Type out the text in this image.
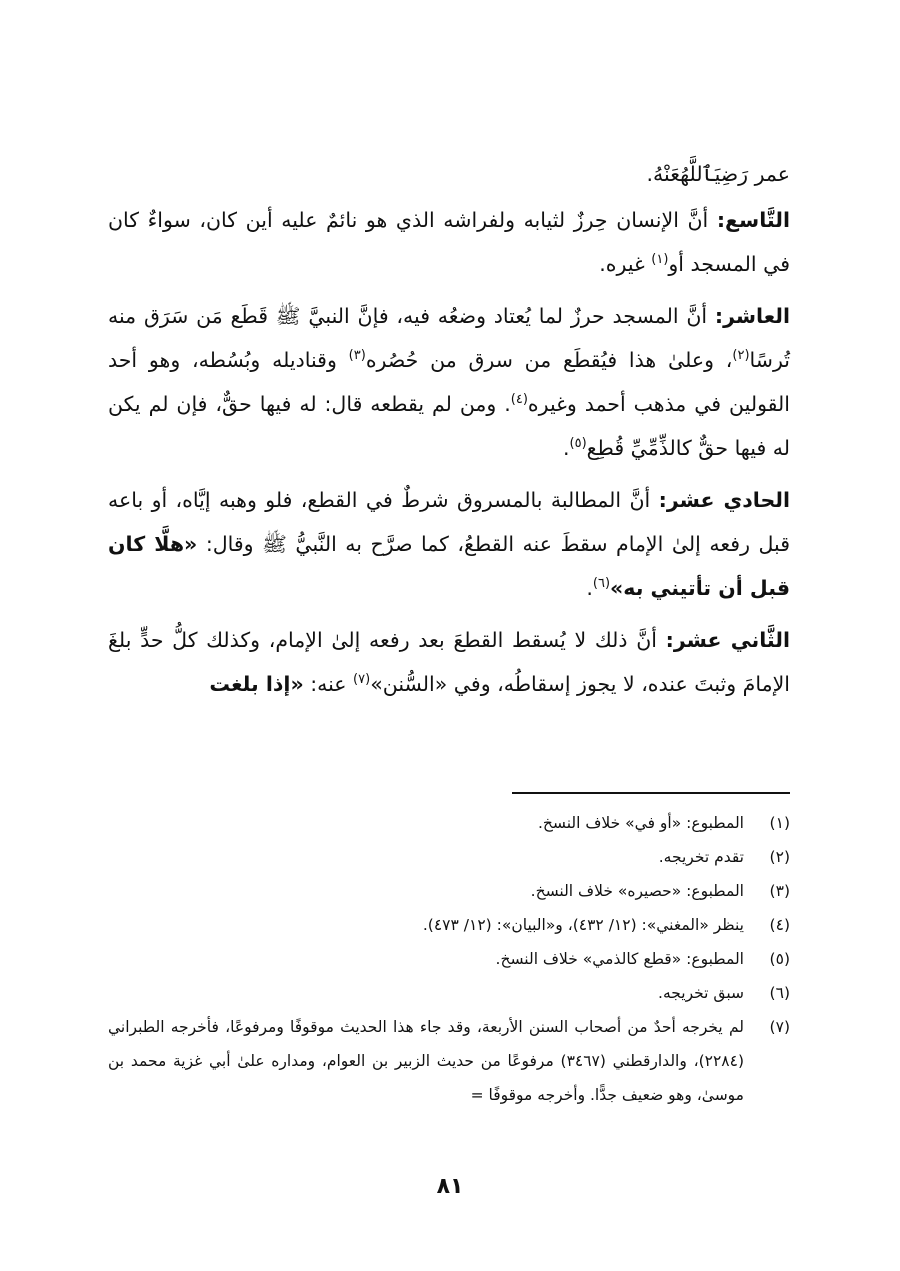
عمر رَضِيَٱللَّهُعَنْهُ.

التَّاسع: أنَّ الإنسان حِرزٌ لثيابه ولفراشه الذي هو نائمٌ عليه أين كان، سواءٌ كان في المسجد أو$^{(١)}$ غيره.

العاشر: أنَّ المسجد حرزٌ لما يُعتاد وضعُه فيه، فإنَّ النبيَّ ﷺ قَطَع مَن سَرَق منه تُرسًا$^{(٢)}$، وعلىٰ هذا فيُقطَع من سرق من حُصُره$^{(٣)}$ وقناديله وبُسُطه، وهو أحد القولين في مذهب أحمد وغيره$^{(٤)}$. ومن لم يقطعه قال: له فيها حقٌّ، فإن لم يكن له فيها حقٌّ كالذِّمِّيِّ قُطِع$^{(٥)}$.

الحادي عشر: أنَّ المطالبة بالمسروق شرطٌ في القطع، فلو وهبه إيَّاه، أو باعه قبل رفعه إلىٰ الإمام سقطَ عنه القطعُ، كما صرَّح به النَّبيُّ ﷺ وقال: «هلَّا كان قبل أن تأتيني به»$^{(٦)}$.

الثَّاني عشر: أنَّ ذلك لا يُسقط القطعَ بعد رفعه إلىٰ الإمام، وكذلك كلُّ حدٍّ بلغَ الإمامَ وثبتَ عنده، لا يجوز إسقاطُه، وفي «السُّنن»$^{(٧)}$ عنه: «إذا بلغت

(١)
المطبوع: «أو في» خلاف النسخ.
(٢)
تقدم تخريجه.
(٣)
المطبوع: «حصيره» خلاف النسخ.
(٤)
ينظر «المغني»: (١٢/ ٤٣٢)، و«البيان»: (١٢/ ٤٧٣).
(٥)
المطبوع: «قطع كالذمي» خلاف النسخ.
(٦)
سبق تخريجه.
(٧)
لم يخرجه أحدٌ من أصحاب السنن الأربعة، وقد جاء هذا الحديث موقوفًا ومرفوعًا، فأخرجه الطبراني (٢٢٨٤)، والدارقطني (٣٤٦٧) مرفوعًا من حديث الزبير بن العوام، ومداره علىٰ أبي غزية محمد بن موسىٰ، وهو ضعيف جدًّا. وأخرجه موقوفًا =
٨١
